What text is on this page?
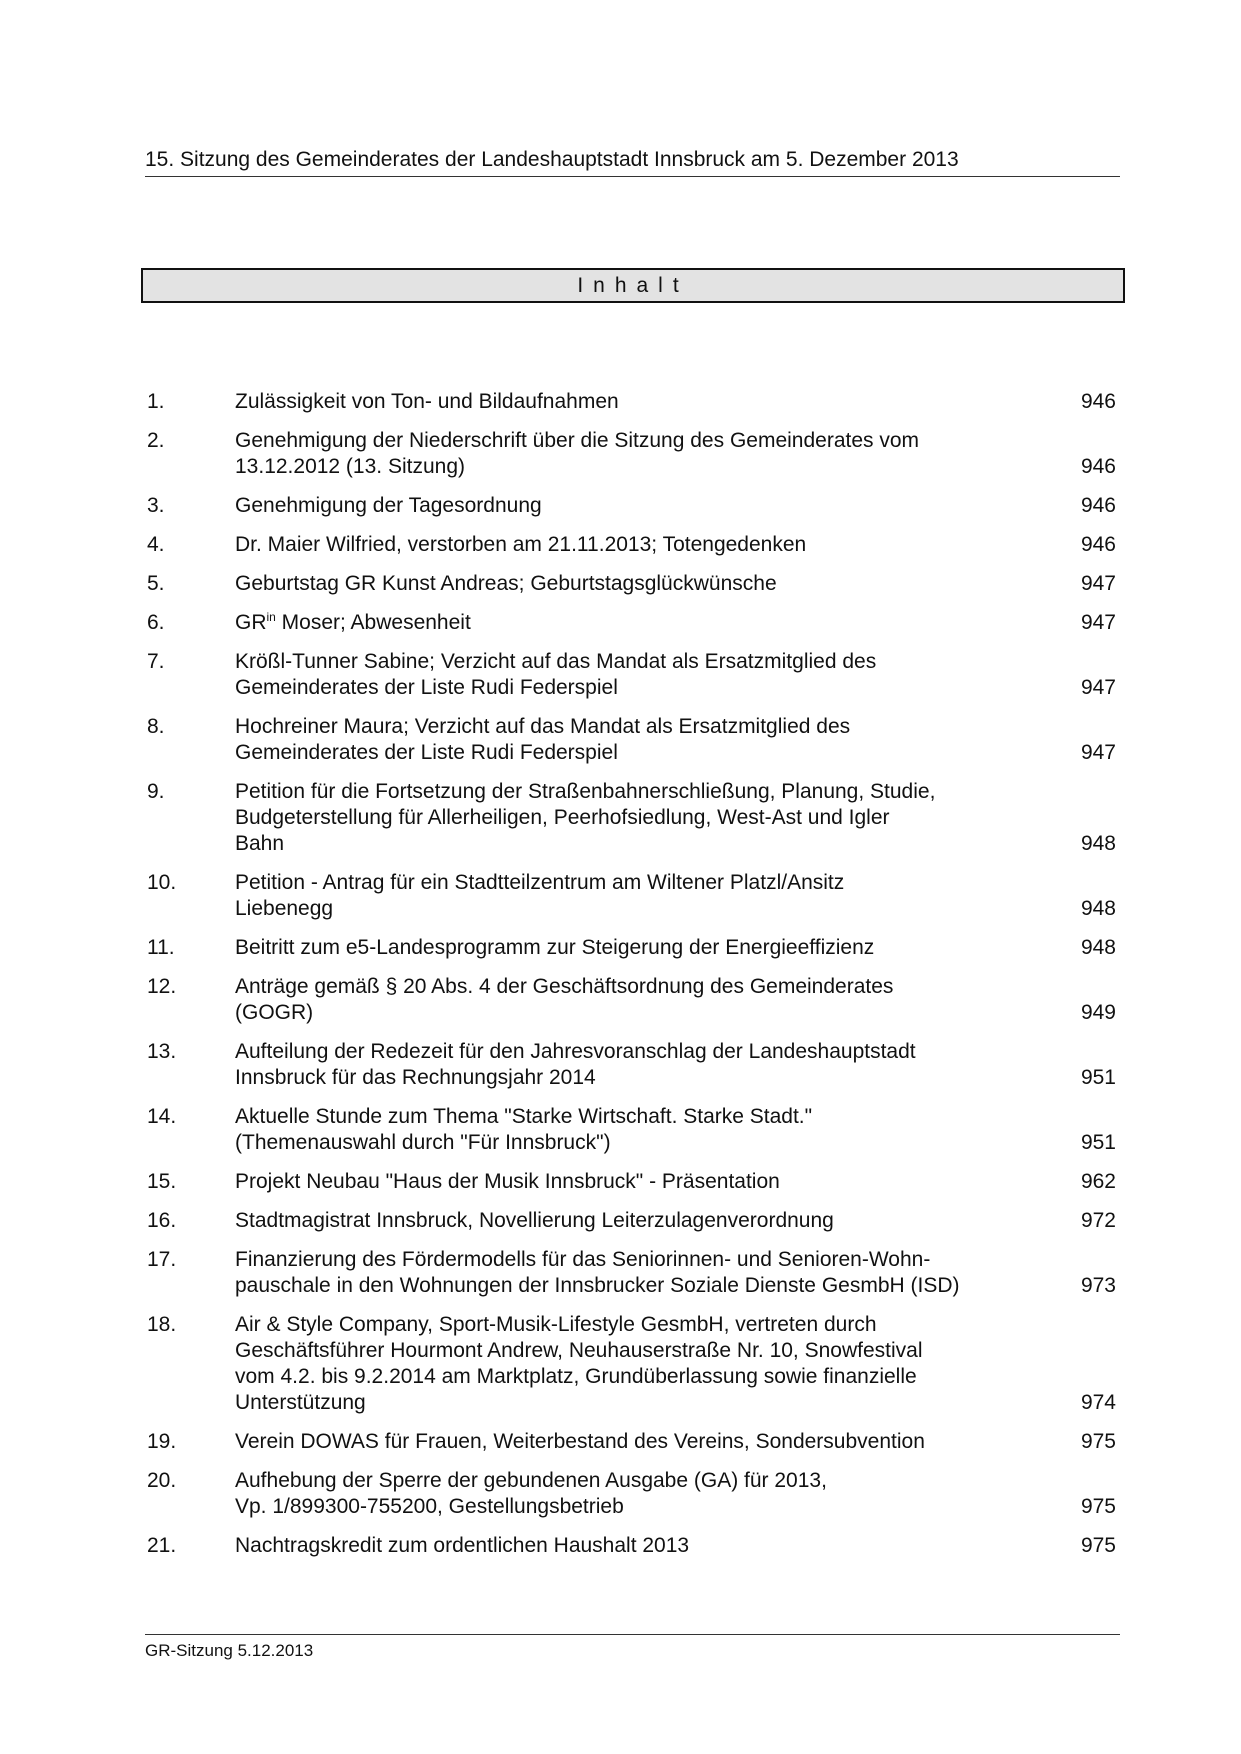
15. Sitzung des Gemeinderates der Landeshauptstadt Innsbruck am 5. Dezember 2013
Inhalt
1.	Zulässigkeit von Ton- und Bildaufnahmen	946
2.	Genehmigung der Niederschrift über die Sitzung des Gemeinderates vom
13.12.2012 (13. Sitzung)	946
3.	Genehmigung der Tagesordnung	946
4.	Dr. Maier Wilfried, verstorben am 21.11.2013; Totengedenken	946
5.	Geburtstag GR Kunst Andreas; Geburtstagsglückwünsche	947
6.	$GR^{in}$ Moser; Abwesenheit	947
7.	Krößl-Tunner Sabine; Verzicht auf das Mandat als Ersatzmitglied des
Gemeinderates der Liste Rudi Federspiel	947
8.	Hochreiner Maura; Verzicht auf das Mandat als Ersatzmitglied des
Gemeinderates der Liste Rudi Federspiel	947
9.	Petition für die Fortsetzung der Straßenbahnerschließung, Planung, Studie,
Budgeterstellung für Allerheiligen, Peerhofsiedlung, West-Ast und Igler
Bahn	948
10.	Petition - Antrag für ein Stadtteilzentrum am Wiltener Platzl/Ansitz
Liebenegg	948
11.	Beitritt zum e5-Landesprogramm zur Steigerung der Energieeffizienz	948
12.	Anträge gemäß § 20 Abs. 4 der Geschäftsordnung des Gemeinderates
(GOGR)	949
13.	Aufteilung der Redezeit für den Jahresvoranschlag der Landeshauptstadt
Innsbruck für das Rechnungsjahr 2014	951
14.	Aktuelle Stunde zum Thema "Starke Wirtschaft. Starke Stadt."
(Themenauswahl durch "Für Innsbruck")	951
15.	Projekt Neubau "Haus der Musik Innsbruck" - Präsentation	962
16.	Stadtmagistrat Innsbruck, Novellierung Leiterzulagenverordnung	972
17.	Finanzierung des Fördermodells für das Seniorinnen- und Senioren-Wohn-
pauschale in den Wohnungen der Innsbrucker Soziale Dienste GesmbH (ISD)	973
18.	Air & Style Company, Sport-Musik-Lifestyle GesmbH, vertreten durch
Geschäftsführer Hourmont Andrew, Neuhauserstraße Nr. 10, Snowfestival
vom 4.2. bis 9.2.2014 am Marktplatz, Grundüberlassung sowie finanzielle
Unterstützung	974
19.	Verein DOWAS für Frauen, Weiterbestand des Vereins, Sondersubvention	975
20.	Aufhebung der Sperre der gebundenen Ausgabe (GA) für 2013,
Vp. 1/899300-755200, Gestellungsbetrieb	975
21.	Nachtragskredit zum ordentlichen Haushalt 2013	975
GR-Sitzung 5.12.2013
